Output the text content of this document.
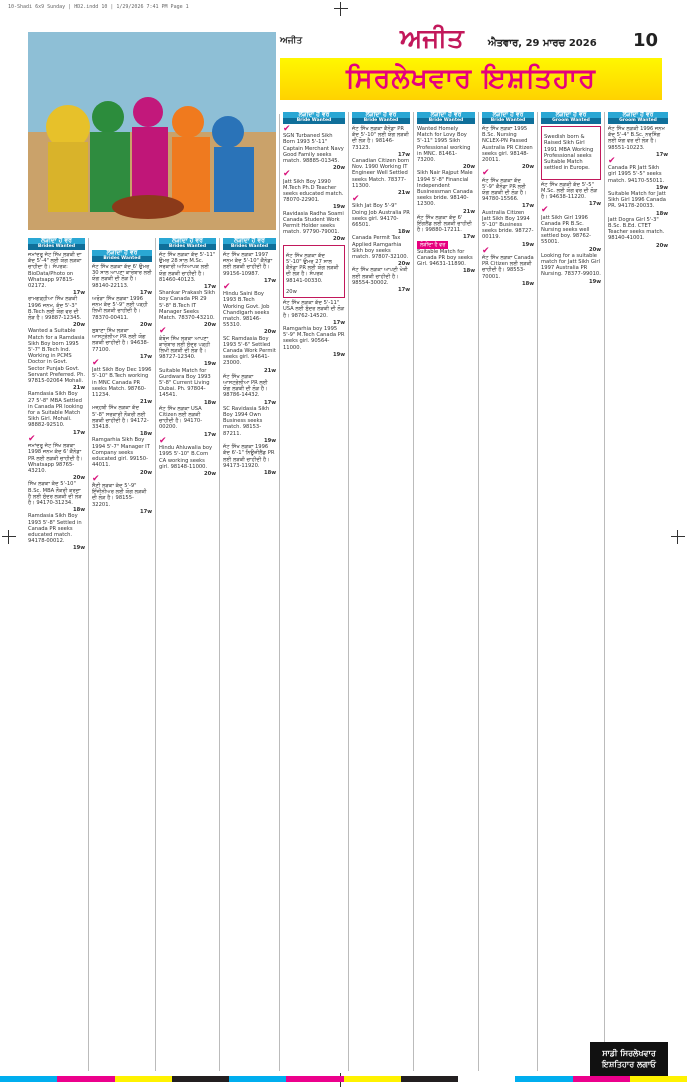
10-Shadi 6x9 Sunday | HD2.indd 10 | 1/29/2026 7:41 PM Page 1
ਅਜੀਤ	ਅਜੀਤ ਐਤਵਾਰ, 29 ਮਾਰਚ 2026 10
ਸਿਰਲੇਖਵਾਰ ਇਸ਼ਤਿਹਾਰ
ਲੋੜੀਂਦਾ ਹੈ ਵਰ
Brides Wanted

ਜਮਾਂਦਰੂ ਜੱਟ ਸਿੱਖ ਲੜਕੀ ਦਾ ਕੱਦ 5'-4" ਲਈ ਯੋਗ ਲੜਕਾ ਚਾਹੀਦਾ ਹੈ। ਸੰਪਰਕ: BioData/Photo on Whatsapp 97815-02172.

17w

ਰਾਮਗੜ੍ਹੀਆ ਸਿੱਖ ਲੜਕੀ 1996 ਜਨਮ, ਕੱਦ 5'-3" B.Tech ਲਈ ਯੋਗ ਵਰ ਦੀ ਲੋੜ ਹੈ। 99887-12345.

20w

Wanted a Suitable Match for a Ramdasia Sikh Boy born 1995 5'-7" B.Tech Ind. Working in PCMS Doctor in Govt. Sector Punjab Govt. Servant Preferred. Ph. 97815-02064 Mohali.

21w

Ramdasia Sikh Boy 27 5'-8" MBA Settled in Canada PR looking for a Suitable Match Sikh Girl. Mohali. 98882-92510.

17w
✔

ਜਮਾਂਦਰੂ ਜੱਟ ਸਿੱਖ ਲੜਕਾ 1998 ਜਨਮ ਕੱਦ 6' ਕੈਨੇਡਾ PR ਲਈ ਲੜਕੀ ਚਾਹੀਦੀ ਹੈ। Whatsapp 98765-43210.

20w

ਸਿੱਖ ਲੜਕਾ ਕੱਦ 5'-10" B.Sc. MBA ਨੌਕਰੀ ਕਰਦਾ ਹੈ ਲਈ ਸੁੰਦਰ ਲੜਕੀ ਦੀ ਲੋੜ ਹੈ। 94170-31234.

18w

Ramdasia Sikh Boy 1993 5'-8" Settled in Canada PR seeks educated match. 94178-00012.

19w
ਲੋੜੀਂਦਾ ਹੈ ਵਰ
Brides Wanted

ਜੱਟ ਸਿੱਖ ਲੜਕਾ ਕੱਦ 6' ਉਮਰ 30 ਸਾਲ ਆਪਣਾ ਕਾਰੋਬਾਰ ਲਈ ਯੋਗ ਲੜਕੀ ਦੀ ਲੋੜ ਹੈ। 98140-22113.

17w

ਅਰੋੜਾ ਸਿੱਖ ਲੜਕਾ 1996 ਜਨਮ ਕੱਦ 5'-9" ਲਈ ਪੜ੍ਹੀ ਲਿਖੀ ਲੜਕੀ ਚਾਹੀਦੀ ਹੈ। 78370-00411.

20w

ਲੁਬਾਣਾ ਸਿੱਖ ਲੜਕਾ ਆਸਟ੍ਰੇਲੀਆ PR ਲਈ ਯੋਗ ਲੜਕੀ ਚਾਹੀਦੀ ਹੈ। 94638-77100.

17w
✔

Jatt Sikh Boy Dec 1996 5'-10" B.Tech working in MNC Canada PR seeks Match. 98760-11234.

21w

ਮਜ਼੍ਹਬੀ ਸਿੱਖ ਲੜਕਾ ਕੱਦ 5'-8" ਸਰਕਾਰੀ ਨੌਕਰੀ ਲਈ ਲੜਕੀ ਚਾਹੀਦੀ ਹੈ। 94172-33418.

18w

Ramgarhia Sikh Boy 1994 5'-7" Manager IT Company seeks educated girl. 99150-44011.

20w
✔

ਸੈਣੀ ਲੜਕਾ ਕੱਦ 5'-9" ਇੰਜੀਨੀਅਰ ਲਈ ਯੋਗ ਲੜਕੀ ਦੀ ਲੋੜ ਹੈ। 98155-32201.

17w
ਲੋੜੀਂਦਾ ਹੈ ਵਰ
Brides Wanted

ਜੱਟ ਸਿੱਖ ਲੜਕਾ ਕੱਦ 5'-11" ਉਮਰ 28 ਸਾਲ M.Sc. ਸਰਕਾਰੀ ਅਧਿਆਪਕ ਲਈ ਯੋਗ ਲੜਕੀ ਚਾਹੀਦੀ ਹੈ। 81460-40123.

17w

Shankar Prakash Sikh boy Canada PR 29 5'-8" B.Tech IT Manager Seeks Match. 78370-43210.

20w
✔

ਕੰਬੋਜ ਸਿੱਖ ਲੜਕਾ ਆਪਣਾ ਕਾਰੋਬਾਰ ਲਈ ਸੁੰਦਰ ਪੜ੍ਹੀ ਲਿਖੀ ਲੜਕੀ ਦੀ ਲੋੜ ਹੈ। 98727-12340.

19w

Suitable Match for Gurdwara Boy 1993 5'-8" Current Living Dubai. Ph. 97804-14541.

18w

ਜੱਟ ਸਿੱਖ ਲੜਕਾ USA Citizen ਲਈ ਲੜਕੀ ਚਾਹੀਦੀ ਹੈ। 94170-00200.

17w
✔

Hindu Ahluwalia boy 1995 5'-10" B.Com CA working seeks girl. 98148-11000.

20w
ਲੋੜੀਂਦਾ ਹੈ ਵਰ
Brides Wanted

ਜੱਟ ਸਿੱਖ ਲੜਕਾ 1997 ਜਨਮ ਕੱਦ 5'-10" ਕੈਨੇਡਾ ਲਈ ਲੜਕੀ ਚਾਹੀਦੀ ਹੈ। 99156-10987.

17w
✔

Hindu Saini Boy 1993 B.Tech Working Govt. Job Chandigarh seeks match. 98146-55310.

20w

SC Ramdasia Boy 1993 5'-6" Settled Canada Work Permit seeks girl. 94641-23000.

21w

ਜੱਟ ਸਿੱਖ ਲੜਕਾ ਆਸਟ੍ਰੇਲੀਆ PR ਲਈ ਯੋਗ ਲੜਕੀ ਦੀ ਲੋੜ ਹੈ। 98786-14432.

17w

SC Ravidasia Sikh Boy 1994 Own Business seeks match. 98153-87211.

19w

ਜੱਟ ਸਿੱਖ ਲੜਕਾ 1996 ਕੱਦ 6'-1" ਨਿਊਜ਼ੀਲੈਂਡ PR ਲਈ ਲੜਕੀ ਚਾਹੀਦੀ ਹੈ। 94173-11920.

18w
ਲੋੜੀਂਦਾ ਹੈ ਵਰ
Bride Wanted
✔

SGN Turbaned Sikh Born 1993 5'-11" Captain Merchant Navy Good Family seeks match. 98885-01345.

20w
✔

Jatt Sikh Boy 1990 M.Tech Ph.D Teacher seeks educated match. 78070-22901.

19w

Ravidasia Radha Soami Canada Student Work Permit Holder seeks match. 97790-79001.

20w

ਜੱਟ ਸਿੱਖ ਲੜਕਾ ਕੱਦ 5'-10" ਉਮਰ 27 ਸਾਲ ਕੈਨੇਡਾ PR ਲਈ ਯੋਗ ਲੜਕੀ ਦੀ ਲੋੜ ਹੈ। ਸੰਪਰਕ 98141-00330.

20w

ਜੱਟ ਸਿੱਖ ਲੜਕਾ ਕੱਦ 5'-11" USA ਲਈ ਸੁੰਦਰ ਲੜਕੀ ਦੀ ਲੋੜ ਹੈ। 98762-14520.

17w

Ramgarhia boy 1995 5'-9" M.Tech Canada PR seeks girl. 90564-11000.

19w
ਲੋੜੀਂਦਾ ਹੈ ਵਰ
Bride Wanted

ਜੱਟ ਸਿੱਖ ਲੜਕਾ ਕੈਨੇਡਾ PR ਕੱਦ 5'-10" ਲਈ ਯੋਗ ਲੜਕੀ ਦੀ ਲੋੜ ਹੈ। 98146-73123.

17w

Canadian Citizen born Nov. 1990 Working IT Engineer Well Settled seeks Match. 78377-11300.

21w
✔

Sikh Jat Boy 5'-9" Doing Job Australia PR seeks girl. 94170-66501.

18w

Canada Permit Tax Applied Ramgarhia Sikh boy seeks match. 97807-32100.

20w

ਜੱਟ ਸਿੱਖ ਲੜਕਾ ਆਪਣੀ ਖੇਤੀ ਲਈ ਲੜਕੀ ਚਾਹੀਦੀ ਹੈ। 98554-30002.

17w
ਲੋੜੀਂਦਾ ਹੈ ਵਰ
Bride Wanted

Wanted Homely Match for Lovy Boy 5'-11" 1995 Sikh Professional working in MNC. 81461-73200.

20w

Sikh Nair Rajput Male 1994 5'-8" Financial Independent Businessman Canada seeks bride. 98140-12300.

21w

ਜੱਟ ਸਿੱਖ ਲੜਕਾ ਕੱਦ 6' ਇੰਗਲੈਂਡ ਲਈ ਲੜਕੀ ਚਾਹੀਦੀ ਹੈ। 99880-17211.

17w
ਲੋੜੀਂਦਾ ਹੈ ਵਰ

Suitable Match for Canada PR boy seeks Girl. 94631-11890.

18w
ਲੋੜੀਂਦਾ ਹੈ ਵਰ
Bride Wanted

ਜੱਟ ਸਿੱਖ ਲੜਕਾ 1995 B.Sc. Nursing NCLEX-PN Passed Australia PR Citizen seeks girl. 98148-20011.

20w
✔

ਜੱਟ ਸਿੱਖ ਲੜਕਾ ਕੱਦ 5'-9" ਕੈਨੇਡਾ PR ਲਈ ਯੋਗ ਲੜਕੀ ਦੀ ਲੋੜ ਹੈ। 94780-15566.

17w

Australia Citizen Jatt Sikh Boy 1994 5'-10" Business seeks bride. 98727-00119.

19w
✔

ਜੱਟ ਸਿੱਖ ਲੜਕਾ Canada PR Citizen ਲਈ ਲੜਕੀ ਚਾਹੀਦੀ ਹੈ। 98553-70001.

18w
ਲੋੜੀਂਦਾ ਹੈ ਵਰ
Groom Wanted

Swedish born & Raised Sikh Girl 1991 MBA Working Professional seeks Suitable Match settled in Europe.

ਜੱਟ ਸਿੱਖ ਲੜਕੀ ਕੱਦ 5'-5" M.Sc. ਲਈ ਯੋਗ ਵਰ ਦੀ ਲੋੜ ਹੈ। 94638-11220.

17w
✔

Jatt Sikh Girl 1996 Canada PR B.Sc. Nursing seeks well settled boy. 98762-55001.

20w

Looking for a suitable match for Jatt Sikh Girl 1997 Australia PR Nursing. 78377-99010.

19w
ਲੋੜੀਂਦਾ ਹੈ ਵਰ
Groom Wanted

ਜੱਟ ਸਿੱਖ ਲੜਕੀ 1996 ਜਨਮ ਕੱਦ 5'-4" B.Sc. ਨਰਸਿੰਗ ਲਈ ਯੋਗ ਵਰ ਦੀ ਲੋੜ ਹੈ। 98551-10223.

17w
✔

Canada PR Jatt Sikh girl 1995 5'-5" seeks match. 94170-55011.

19w

Suitable Match for Jatt Sikh Girl 1996 Canada PR. 94178-20033.

18w

Jatt Dogra Girl 5'-3" B.Sc. B.Ed. CTET Teacher seeks match. 98140-41001.

20w
ਸਾਡੀ ਸਿਰਲੇਖਵਾਰ ਇਸ਼ਤਿਹਾਰ ਲਗਾਓ
